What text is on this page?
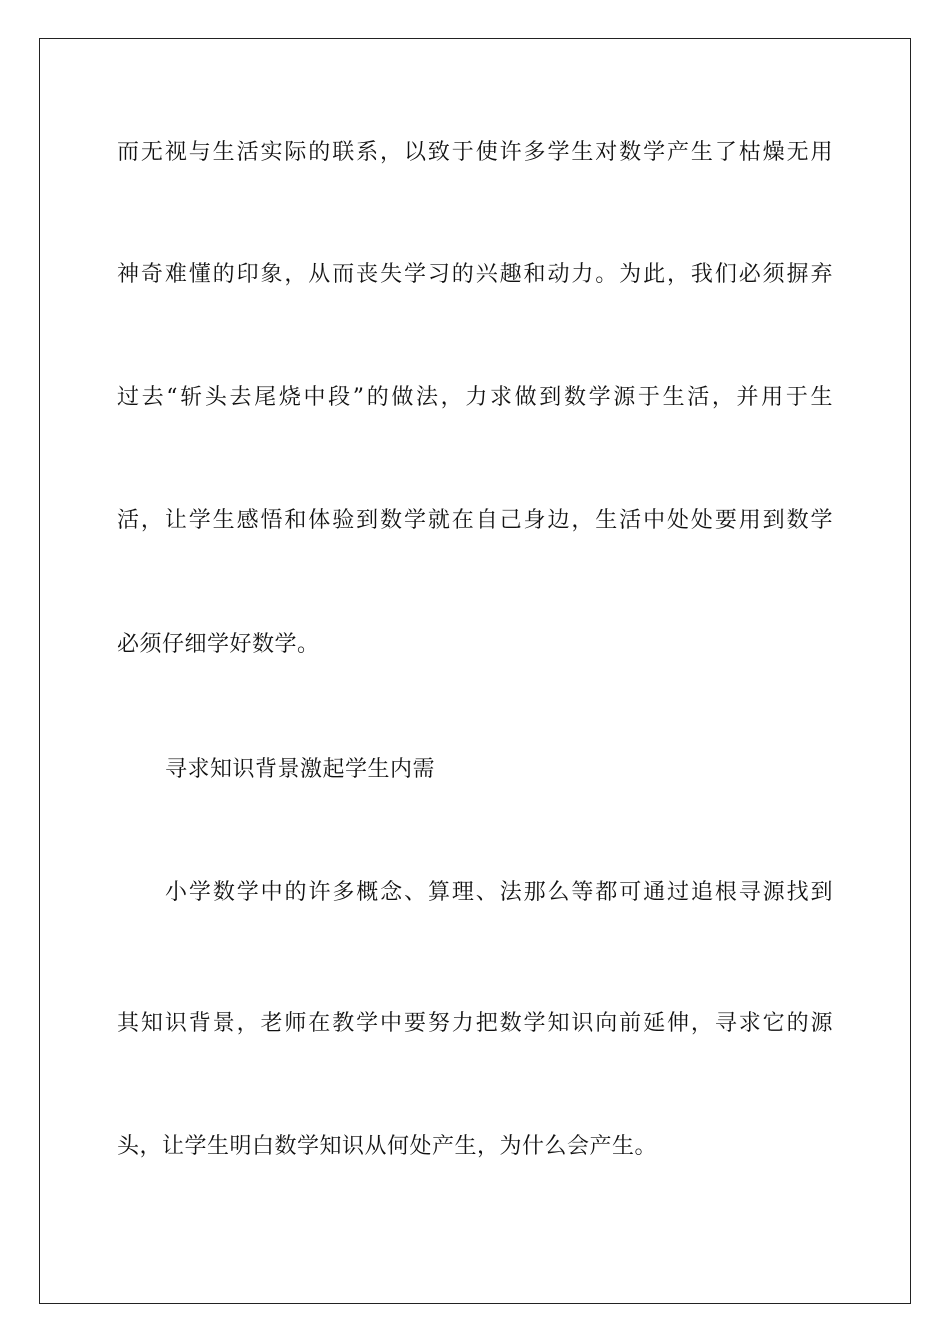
而无视与生活实际的联系，以致于使许多学生对数学产生了枯燥无用
神奇难懂的印象，从而丧失学习的兴趣和动力。为此，我们必须摒弃
过去“斩头去尾烧中段”的做法，力求做到数学源于生活，并用于生
活，让学生感悟和体验到数学就在自己身边，生活中处处要用到数学
必须仔细学好数学。
寻求知识背景激起学生内需
小学数学中的许多概念、算理、法那么等都可通过追根寻源找到
其知识背景，老师在教学中要努力把数学知识向前延伸，寻求它的源
头，让学生明白数学知识从何处产生，为什么会产生。
